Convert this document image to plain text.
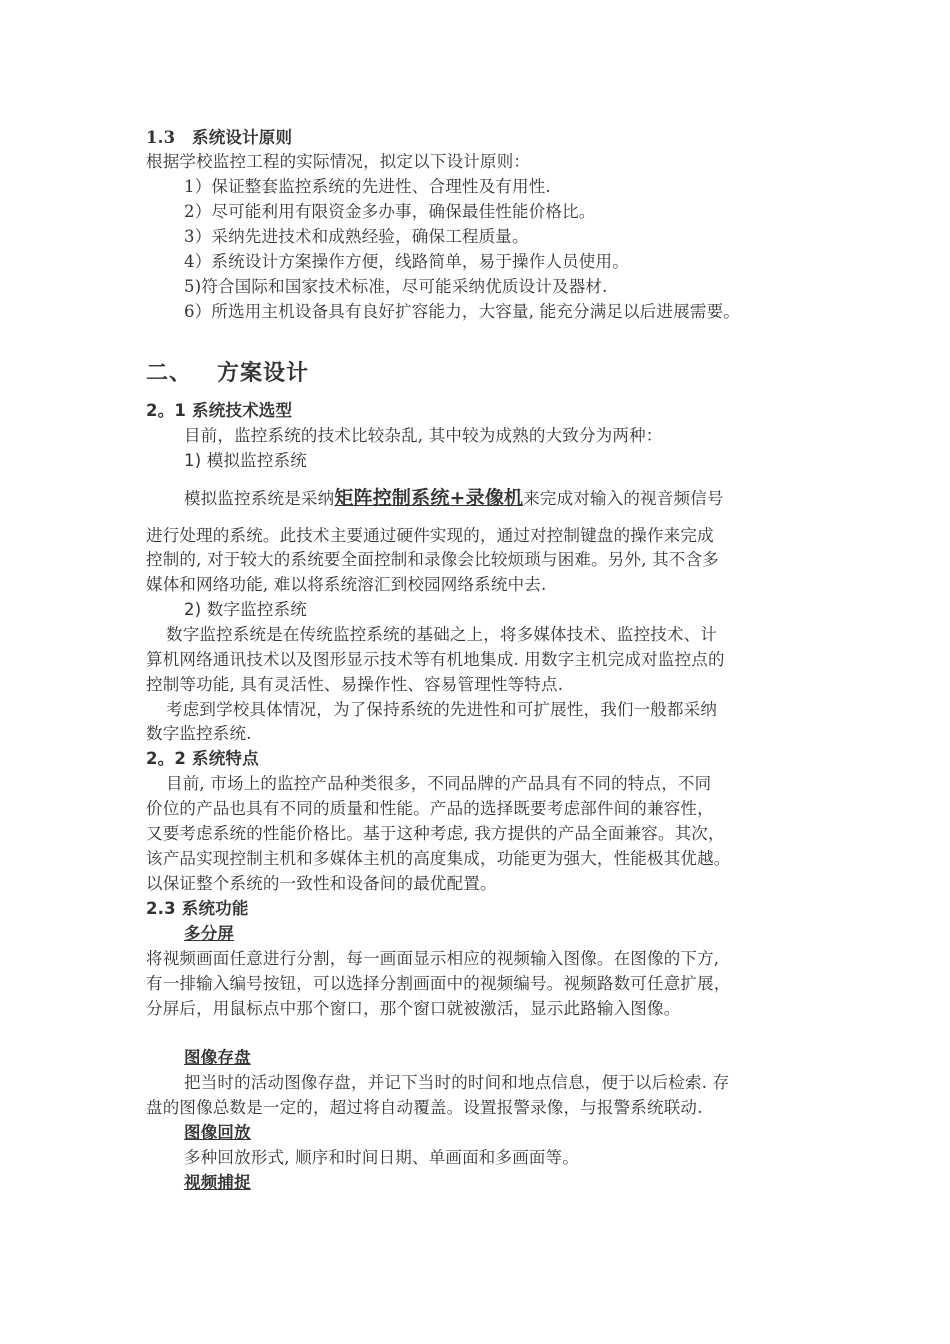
1.3　系统设计原则
根据学校监控工程的实际情况，拟定以下设计原则：
1）保证整套监控系统的先进性、合理性及有用性.
2）尽可能利用有限资金多办事，确保最佳性能价格比。
3）采纳先进技术和成熟经验，确保工程质量。
4）系统设计方案操作方便，线路简单，易于操作人员使用。
5)符合国际和国家技术标准，尽可能采纳优质设计及器材.
6）所选用主机设备具有良好扩容能力，大容量, 能充分满足以后进展需要。
二、 方案设计
2。1 系统技术选型
目前，监控系统的技术比较杂乱, 其中较为成熟的大致分为两种：
1) 模拟监控系统
模拟监控系统是采纳矩阵控制系统+录像机来完成对输入的视音频信号
进行处理的系统。此技术主要通过硬件实现的，通过对控制键盘的操作来完成
控制的, 对于较大的系统要全面控制和录像会比较烦琐与困难。另外, 其不含多
媒体和网络功能, 难以将系统溶汇到校园网络系统中去.
2) 数字监控系统
数字监控系统是在传统监控系统的基础之上，将多媒体技术、监控技术、计
算机网络通讯技术以及图形显示技术等有机地集成. 用数字主机完成对监控点的
控制等功能, 具有灵活性、易操作性、容易管理性等特点.
考虑到学校具体情况，为了保持系统的先进性和可扩展性，我们一般都采纳
数字监控系统.
2。2 系统特点
目前, 市场上的监控产品种类很多，不同品牌的产品具有不同的特点，不同
价位的产品也具有不同的质量和性能。产品的选择既要考虑部件间的兼容性，
又要考虑系统的性能价格比。基于这种考虑, 我方提供的产品全面兼容。其次，
该产品实现控制主机和多媒体主机的高度集成，功能更为强大，性能极其优越。
以保证整个系统的一致性和设备间的最优配置。
2.3 系统功能
多分屏
将视频画面任意进行分割，每一画面显示相应的视频输入图像。在图像的下方,
有一排输入编号按钮，可以选择分割画面中的视频编号。视频路数可任意扩展，
分屏后，用鼠标点中那个窗口，那个窗口就被激活，显示此路输入图像。
图像存盘
把当时的活动图像存盘，并记下当时的时间和地点信息，便于以后检索. 存
盘的图像总数是一定的，超过将自动覆盖。设置报警录像，与报警系统联动.
图像回放
多种回放形式, 顺序和时间日期、单画面和多画面等。
视频捕捉
